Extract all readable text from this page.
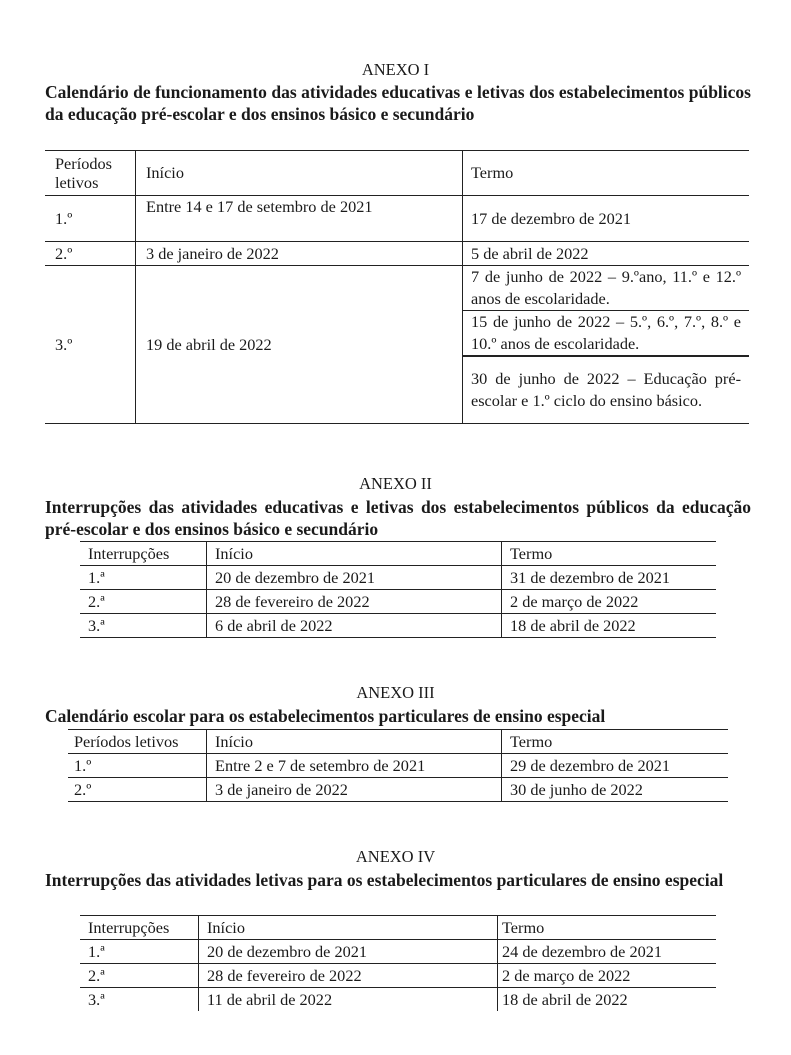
ANEXO I
Calendário de funcionamento das atividades educativas e letivas dos estabelecimentos públicos da educação pré-escolar e dos ensinos básico e secundário
Períodos letivos	Início	Termo
1.º	Entre 14 e 17 de setembro de 2021	17 de dezembro de 2021
2.º	3 de janeiro de 2022	5 de abril de 2022
3.º	19 de abril de 2022	7 de junho de 2022 – 9.ºano, 11.º e 12.º anos de escolaridade.
		15 de junho de 2022 – 5.º, 6.º, 7.º, 8.º e 10.º anos de escolaridade.
		30 de junho de 2022 – Educação pré-escolar e 1.º ciclo do ensino básico.
ANEXO II
Interrupções das atividades educativas e letivas dos estabelecimentos públicos da educação pré-escolar e dos ensinos básico e secundário
Interrupções	Início	Termo
1.ª	20 de dezembro de 2021	31 de dezembro de 2021
2.ª	28 de fevereiro de 2022	2 de março de 2022
3.ª	6 de abril de 2022	18 de abril de 2022
ANEXO III
Calendário escolar para os estabelecimentos particulares de ensino especial
Períodos letivos	Início	Termo
1.º	Entre 2 e 7 de setembro de 2021	29 de dezembro de 2021
2.º	3 de janeiro de 2022	30 de junho de 2022
ANEXO IV
Interrupções das atividades letivas para os estabelecimentos particulares de ensino especial
Interrupções	Início	Termo
1.ª	20 de dezembro de 2021	24 de dezembro de 2021
2.ª	28 de fevereiro de 2022	2 de março de 2022
3.ª	11 de abril de 2022	18 de abril de 2022
